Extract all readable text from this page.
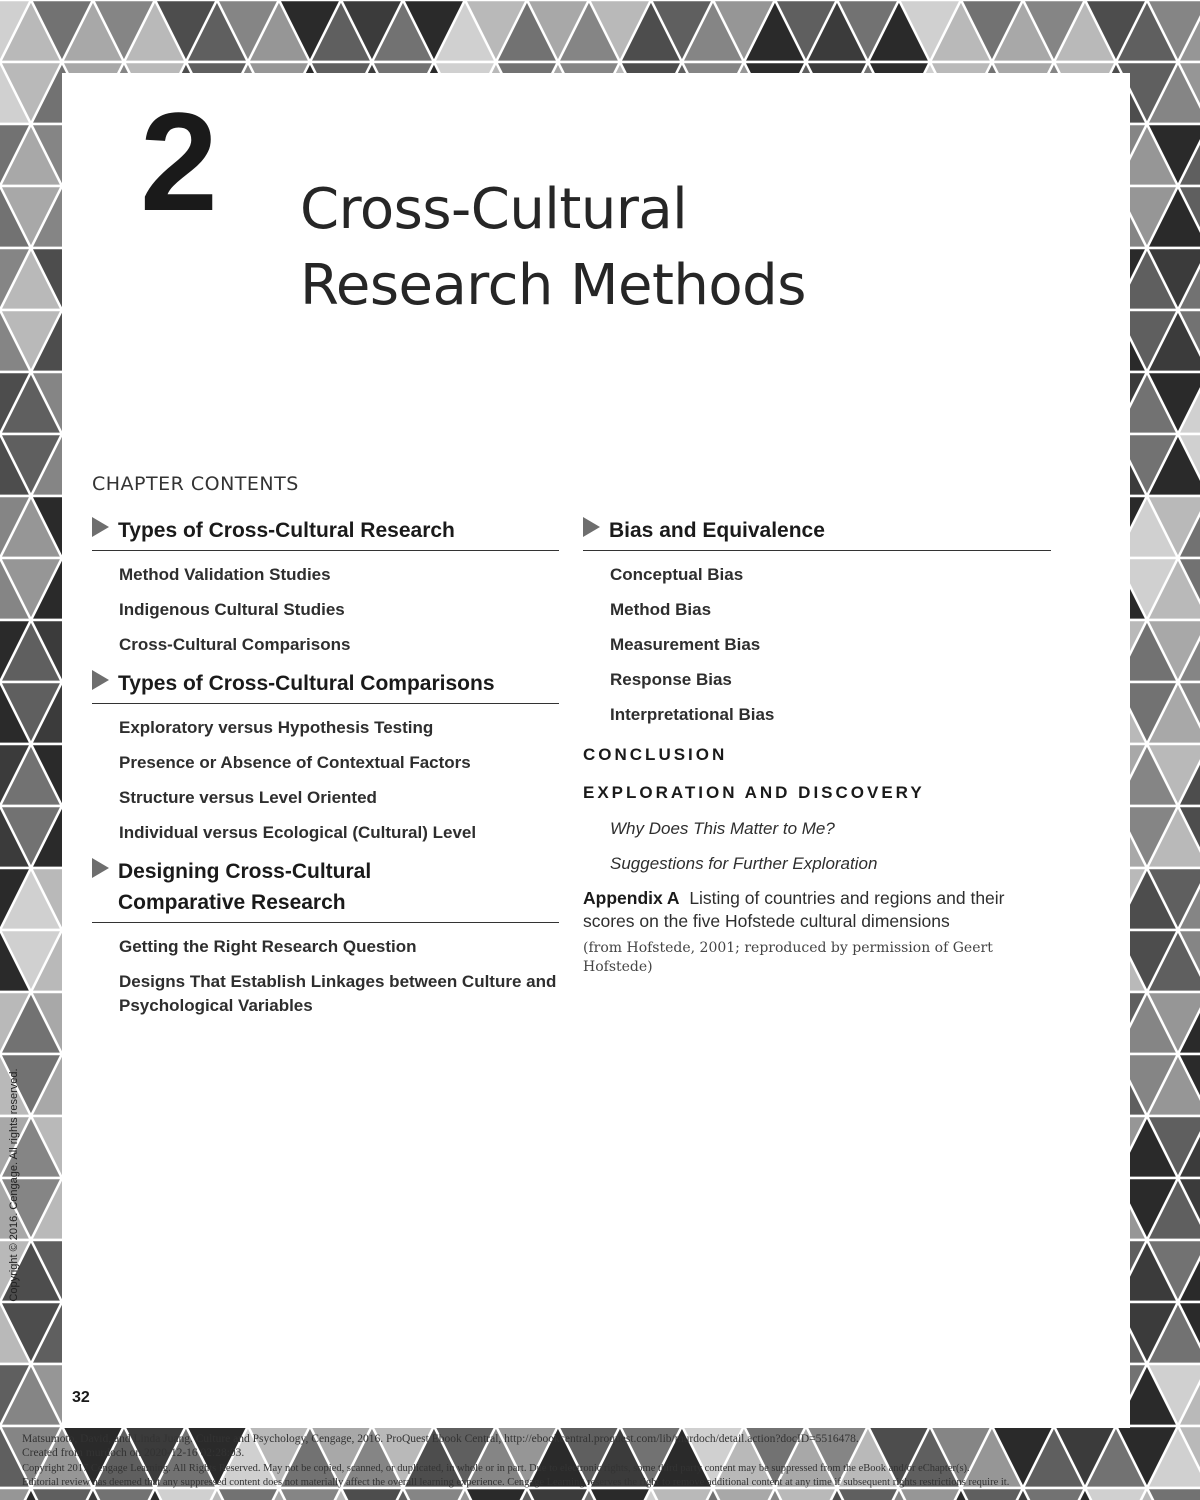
2 Cross-Cultural
Research Methods
CHAPTER CONTENTS
Types of Cross-Cultural Research
Method Validation Studies
Indigenous Cultural Studies
Cross-Cultural Comparisons
Types of Cross-Cultural Comparisons
Exploratory versus Hypothesis Testing
Presence or Absence of Contextual Factors
Structure versus Level Oriented
Individual versus Ecological (Cultural) Level
Designing Cross-Cultural
Comparative Research
Getting the Right Research Question
Designs That Establish Linkages between Culture and Psychological Variables
Bias and Equivalence
Conceptual Bias
Method Bias
Measurement Bias
Response Bias
Interpretational Bias
CONCLUSION
EXPLORATION AND DISCOVERY
Why Does This Matter to Me?
Suggestions for Further Exploration
Appendix A Listing of countries and regions and their scores on the five Hofstede cultural dimensions
(from Hofstede, 2001; reproduced by permission of Geert Hofstede)
Copyright © 2016. Cengage. All rights reserved.
32
Matsumoto, David, and Linda Juang. Culture and Psychology, Cengage, 2016. ProQuest Ebook Central, http://ebookcentral.proquest.com/lib/murdoch/detail.action?docID=5516478.
Created from murdoch on 2020-12-16 02:28:03.
Copyright 2017 Cengage Learning. All Rights Reserved. May not be copied, scanned, or duplicated, in whole or in part. Due to electronic rights, some third party content may be suppressed from the eBook and/or eChapter(s).
Editorial review has deemed that any suppressed content does not materially affect the overall learning experience. Cengage Learning reserves the right to remove additional content at any time if subsequent rights restrictions require it.
